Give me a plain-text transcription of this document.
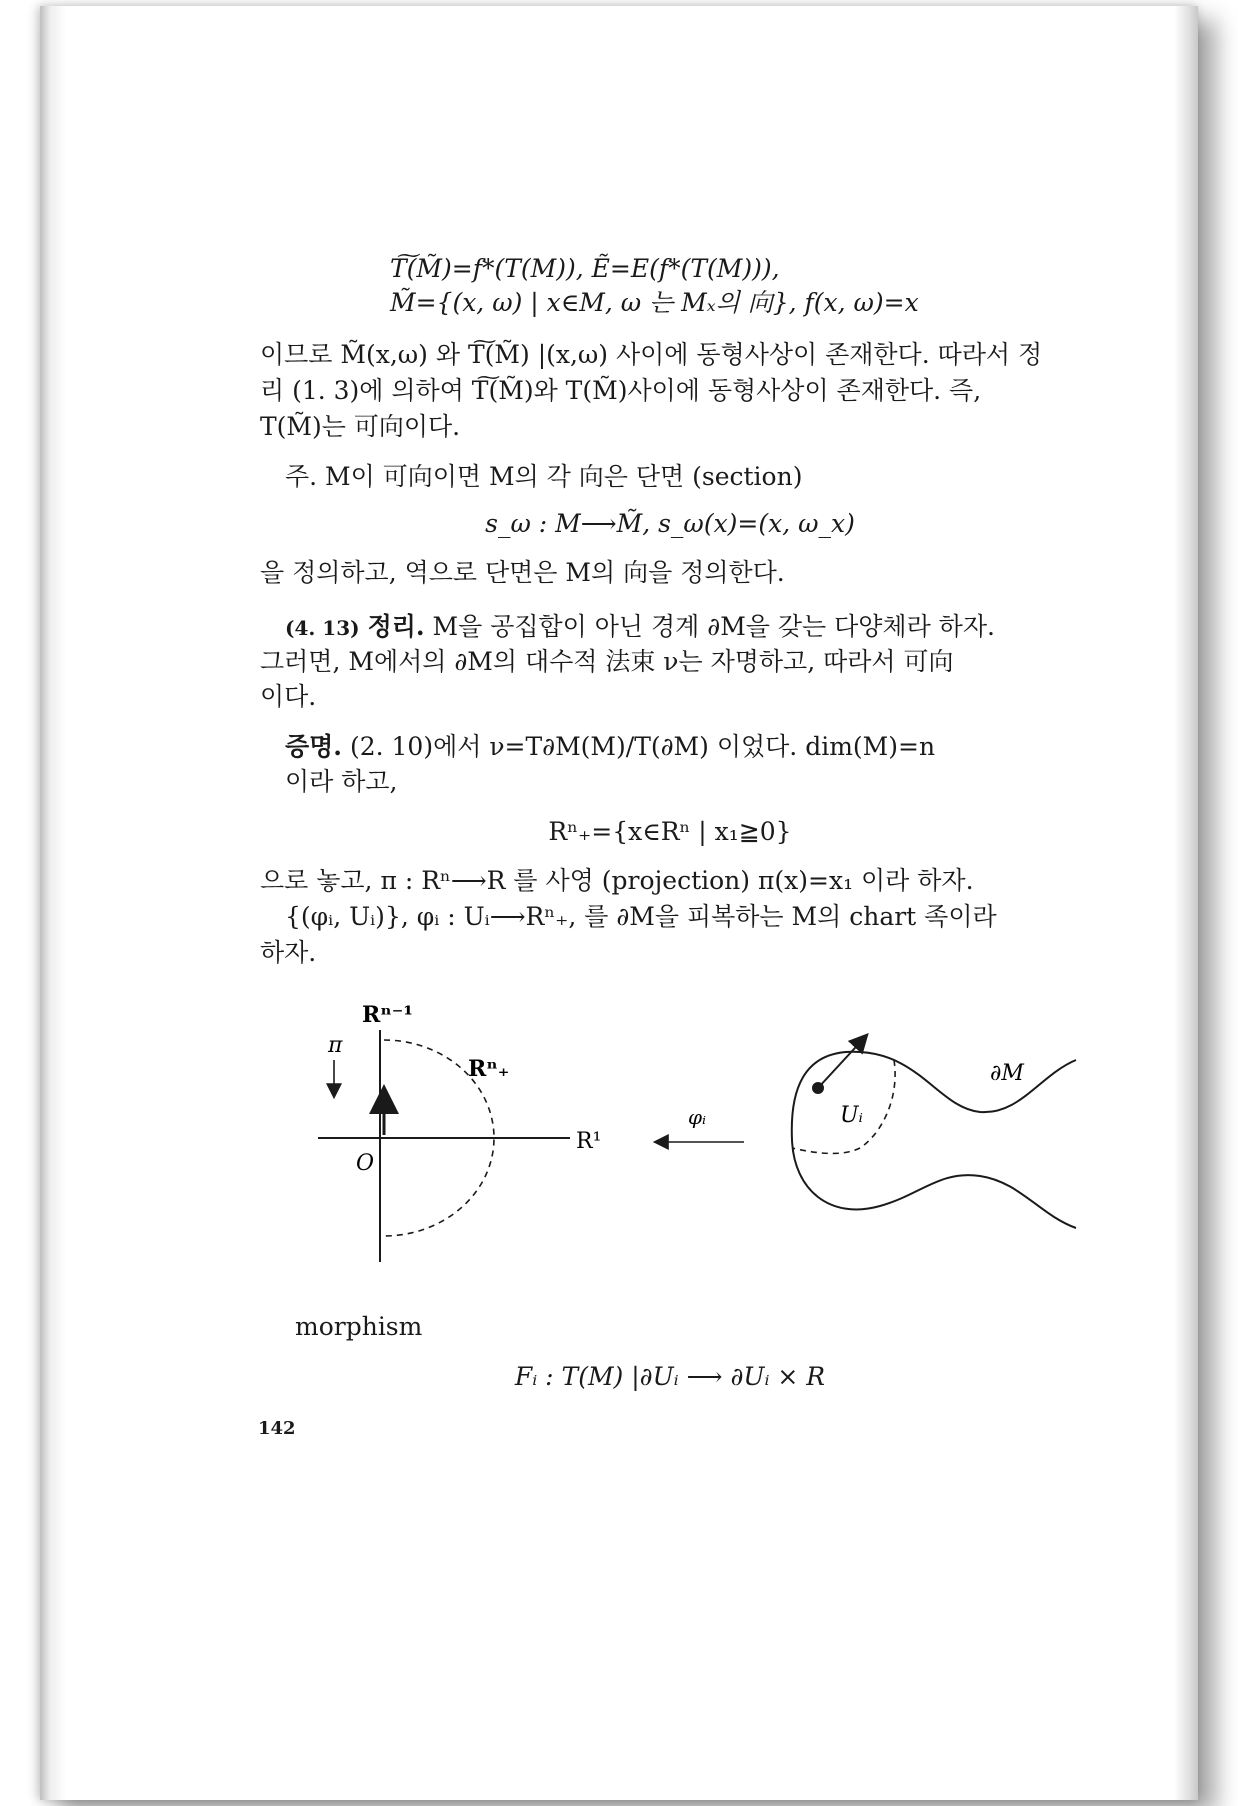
T͠(M̃)=f*(T(M)), Ẽ=E(f*(T(M))),
M̃={(x, ω) | x∈M, ω 는 Mₓ의 向}, f(x, ω)=x
이므로 M̃(x,ω) 와 T͠(M̃) |(x,ω) 사이에 동형사상이 존재한다. 따라서 정
리 (1. 3)에 의하여 T͠(M̃)와 T(M̃)사이에 동형사상이 존재한다. 즉,
T(M̃)는 可向이다.
주. M이 可向이면 M의 각 向은 단면 (section)
s_ω : M⟶M̃, s_ω(x)=(x, ω_x)
을 정의하고, 역으로 단면은 M의 向을 정의한다.
(4. 13) 정리. M을 공집합이 아닌 경계 ∂M을 갖는 다양체라 하자.
그러면, M에서의 ∂M의 대수적 法束 ν는 자명하고, 따라서 可向
이다.
증명. (2. 10)에서 ν=T∂M(M)/T(∂M) 이었다. dim(M)=n
이라 하고,
Rⁿ₊={x∈Rⁿ | x₁≧0}
으로 놓고, π : Rⁿ⟶R 를 사영 (projection) π(x)=x₁ 이라 하자.
{(φᵢ, Uᵢ)}, φᵢ : Uᵢ⟶Rⁿ₊, 를 ∂M을 피복하는 M의 chart 족이라
하자.
morphism
Fᵢ : T(M) |∂Uᵢ ⟶ ∂Uᵢ × R
142
Rⁿ⁻¹
π
Rⁿ₊
O
R¹
φᵢ	Uᵢ
∂M
